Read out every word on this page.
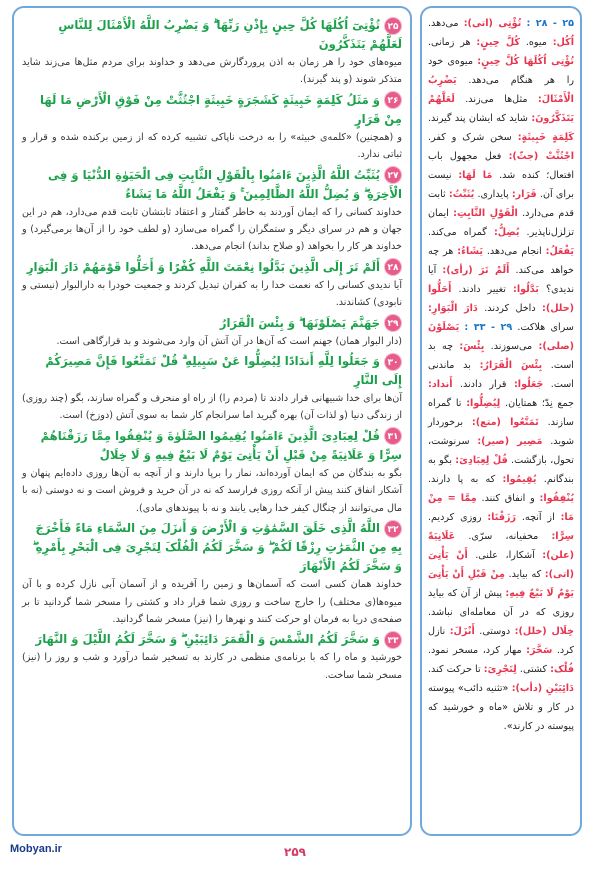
۲۵تُؤْتِیٓ اُکُلَهَا کُلَّ حِینٍ بِإِذْنِ رَبِّهَا ۗ وَ یَضْرِبُ اللَّهُ الْأَمْثَالَ لِلنَّاسِ لَعَلَّهُمْ یَتَذَکَّرُونَ
میوه‌های خود را هر زمان به اذن پروردگارش می‌دهد و خداوند برای مردم مثل‌ها می‌زند شاید متذکر شوند (و پند گیرند).
۲۶وَ مَثَلُ کَلِمَةٍ خَبِیثَةٍ کَشَجَرَةٍ خَبِیثَةٍ اجْتُثَّتْ مِنْ فَوْقِ الْأَرْضِ مَا لَهَا مِنْ قَرَارٍ
و (همچنین) «کلمه‌ی خبیثه» را به درخت ناپاکی تشبیه کرده که از زمین برکنده شده و قرار و ثباتی ندارد.
۲۷یُثَبِّتُ اللَّهُ الَّذِینَ ءَامَنُوا بِالْقَوْلِ الثَّابِتِ فِی الْحَیَوٰةِ الدُّنْیَا وَ فِی الْأَخِرَةِ ۖ وَ یُضِلُّ اللَّهُ الظَّالِمِینَ ۚ وَ یَفْعَلُ اللَّهُ مَا یَشَاءُ
خداوند کسانی را که ایمان آوردند به خاطر گفتار و اعتقاد ثابتشان ثابت قدم می‌دارد، هم در این جهان و هم در سرای دیگر و ستمگران را گمراه می‌سازد (و لطف خود را از آن‌ها برمی‌گیرد) و خداوند هر کار را بخواهد (و صلاح بداند) انجام می‌دهد.
۲۸أَلَمْ تَرَ إِلَى الَّذِینَ بَدَّلُوا نِعْمَتَ اللَّهِ کُفْرًا وَ أَحَلُّوا قَوْمَهُمْ دَارَ الْبَوَارِ
آیا ندیدی کسانی را که نعمت خدا را به کفران تبدیل کردند و جمعیت خودرا به دارالبوار (نیستی و نابودی) کشاندند.
۲۹جَهَنَّمَ یَصْلَوْنَهَا ۖ وَ بِئْسَ الْقَرَارُ
(دار البوار همان) جهنم است که آن‌ها در آن آتش آن وارد می‌شوند و بد قرارگاهی است.
۳۰وَ جَعَلُوا لِلَّهِ أَندَادًا لِیُضِلُّوا عَنْ سَبِیلِهِ ۗ قُلْ تَمَتَّعُوا فَإِنَّ مَصِیرَکُمْ إِلَى النَّارِ
آن‌ها برای خدا شبیهانی قرار دادند تا (مردم را) از راه او منحرف و گمراه سازند، بگو (چند روزی) از زندگی دنیا (و لذات آن) بهره گیرید اما سرانجام کار شما به سوی آتش (دوزخ) است.
۳۱قُلْ لِعِبَادِیَ الَّذِینَ ءَامَنُوا یُقِیمُوا الصَّلَوٰةَ وَ یُنْفِقُوا مِمَّا رَزَقْنَاهُمْ سِرًّا وَ عَلَانِیَةً مِنْ قَبْلِ أَنْ یَأْتِیَ یَوْمٌ لَا بَیْعٌ فِیهِ وَ لَا خِلَالٌ
بگو به بندگان من که ایمان آورده‌اند، نماز را برپا دارند و از آنچه به آن‌ها روزی داده‌ایم پنهان و آشکار انفاق کنند پیش از آنکه روزی فرارسد که نه در آن خرید و فروش است و نه دوستی (نه با مال می‌توانند از چنگال کیفر خدا رهایی یابند و نه با پیوندهای مادی).
۳۲اللَّهُ الَّذِی خَلَقَ السَّمَٰوَٰتِ وَ الْأَرْضَ وَ أَنزَلَ مِنَ السَّمَاءِ مَاءً فَأَخْرَجَ بِهِ مِنَ الثَّمَرَٰتِ رِزْقًا لَکُمْ ۖ وَ سَخَّرَ لَکُمُ الْفُلْکَ لِتَجْرِیَ فِی الْبَحْرِ بِأَمْرِهِ ۖ وَ سَخَّرَ لَکُمُ الْأَنْهَارَ
خداوند همان کسی است که آسمان‌ها و زمین را آفریده و از آسمان آبی نازل کرده و با آن میوه‌ها(ی مختلف) را خارج ساخت و روزی شما قرار داد و کشتی را مسخر شما گردانید تا بر صفحه‌ی دریا به فرمان او حرکت کنند و نهرها را (نیز) مسخر شما گردانید.
۳۳وَ سَخَّرَ لَکُمُ الشَّمْسَ وَ الْقَمَرَ دَائِبَیْنِ ۖ وَ سَخَّرَ لَکُمُ اللَّیْلَ وَ النَّهَارَ
خورشید و ماه را که با برنامه‌ی منظمی در کارند به تسخیر شما درآورد و شب و روز را (نیز) مسخر شما ساخت.
۲۵ - ۲۸ : تُؤْتِی (اتی): می‌دهد. اُکُل: میوه. کُلَّ حِینٍ: هر زمانی. تُؤْتِی اُکُلَهَا کُلَّ حِینٍ: میوه‌ی خود را هر هنگام می‌دهد. یَضْرِبُ الْأَمْثَالَ: مثل‌ها می‌زند. لَعَلَّهُمْ یَتَذَکَّرُونَ: شاید که ایشان پند گیرند. کَلِمَةٍ خَبِیثَةٍ: سخن شرک و کفر. اجْتُثَّتْ (جثّ): فعل مجهول باب افتعال؛ کنده شد. مَا لَهَا: نیست برای آن. قَرَار: پایداری. یُثَبِّتُ: ثابت قدم می‌دارد. الْقَوْلِ الثَّابِتِ: ایمان تزلزل‌ناپذیر. یُضِلُّ: گمراه می‌کند. یَفْعَلُ: انجام می‌دهد. یَشَاءُ: هر چه خواهد می‌کند. أَلَمْ تَرَ (رأی): آیا ندیدی؟ بَدَّلُوا: تغییر دادند. أَحَلُّوا (حلل): داخل کردند. دَارَ الْبَوَارِ: سرای هلاکت. ۲۹ - ۳۳ : یَصْلَوْنَ (صلی): می‌سوزند. بِئْسَ: چه بد است. بِئْسَ الْقَرَارُ: بد ماندنی است. جَعَلُوا: قرار دادند. أَنداد: جمع نِدّ؛ همتایان. لِیُضِلُّوا: تا گمراه سازند. تَمَتَّعُوا (متع): برخوردار شوید. مَصِیر (صیر): سرنوشت، تحول، بازگشت. قُلْ لِعِبَادِیَ: بگو به بندگانم. یُقِیمُوا: که به پا دارند. یُنْفِقُوا: و انفاق کنند. مِمَّا = مِنْ مَا: از آنچه. رَزَقْنَا: روزی کردیم. سِرًّا: مخفیانه، سرّی. عَلَانِیَةً (علن): آشکارا، علنی. أَنْ یَأْتِیَ (اتی): که بیاید. مِنْ قَبْلِ أَنْ یَأْتِیَ یَوْمٌ لَا بَیْعٌ فِیهِ: پیش از آن که بیاید روزی که در آن معامله‌ای نباشد. خِلَال (خلل): دوستی. أَنْزَلَ: نازل کرد. سَخَّرَ: مهار کرد، مسخر نمود. فُلْک: کشتی. لِتَجْرِیَ: تا حرکت کند. دَائِبَیْنِ (دأب): «تثنیه دائب» پیوسته در کار و تلاش «ماه و خورشید که پیوسته در کارند».
Mobyan.ir	۲۵۹
